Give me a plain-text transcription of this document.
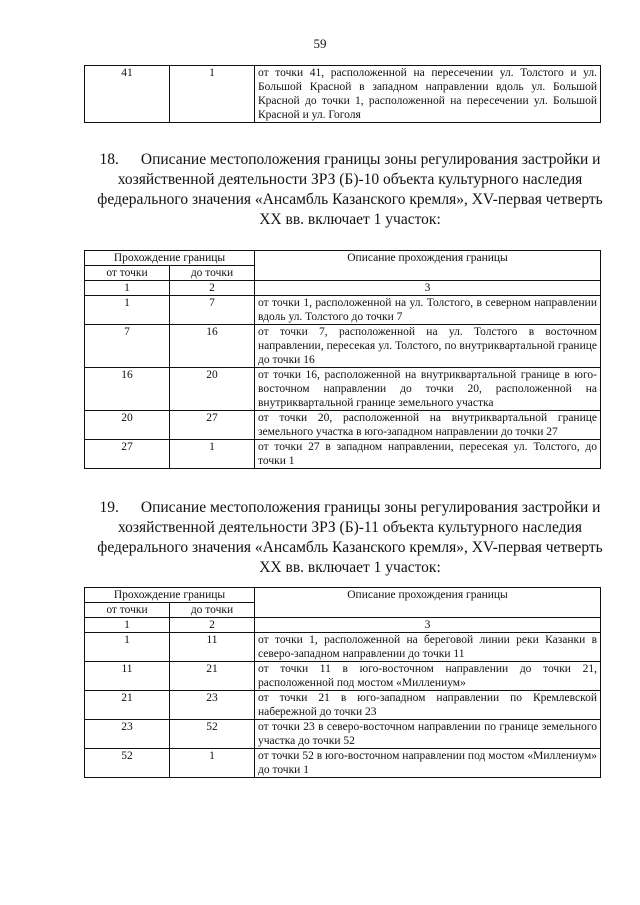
59
41	1	от точки 41, расположенной на пересечении ул. Толстого и ул. Большой Красной в западном направлении вдоль ул. Большой Красной до точки 1, расположенной на пересечении ул. Большой Красной и ул. Гоголя
18. Описание местоположения границы зоны регулирования застройки и хозяйственной деятельности ЗРЗ (Б)-10 объекта культурного наследия федерального значения «Ансамбль Казанского кремля», XV-первая четверть XX вв. включает 1 участок:
Прохождение границы		Описание прохождения границы
от точки	до точки	
1	2	3
1	7	от точки 1, расположенной на ул. Толстого, в северном направлении вдоль ул. Толстого до точки 7
7	16	от точки 7, расположенной на ул. Толстого в восточном направлении, пересекая ул. Толстого, по внутриквартальной границе до точки 16
16	20	от точки 16, расположенной на внутриквартальной границе в юго-восточном направлении до точки 20, расположенной на внутриквартальной границе земельного участка
20	27	от точки 20, расположенной на внутриквартальной границе земельного участка в юго-западном направлении до точки 27
27	1	от точки 27 в западном направлении, пересекая ул. Толстого, до точки 1
19. Описание местоположения границы зоны регулирования застройки и хозяйственной деятельности ЗРЗ (Б)-11 объекта культурного наследия федерального значения «Ансамбль Казанского кремля», XV-первая четверть XX вв. включает 1 участок:
Прохождение границы		Описание прохождения границы
от точки	до точки	
1	2	3
1	11	от точки 1, расположенной на береговой линии реки Казанки в северо-западном направлении до точки 11
11	21	от точки 11 в юго-восточном направлении до точки 21, расположенной под мостом «Миллениум»
21	23	от точки 21 в юго-западном направлении по Кремлевской набережной до точки 23
23	52	от точки 23 в северо-восточном направлении по границе земельного участка до точки 52
52	1	от точки 52 в юго-восточном направлении под мостом «Миллениум» до точки 1
